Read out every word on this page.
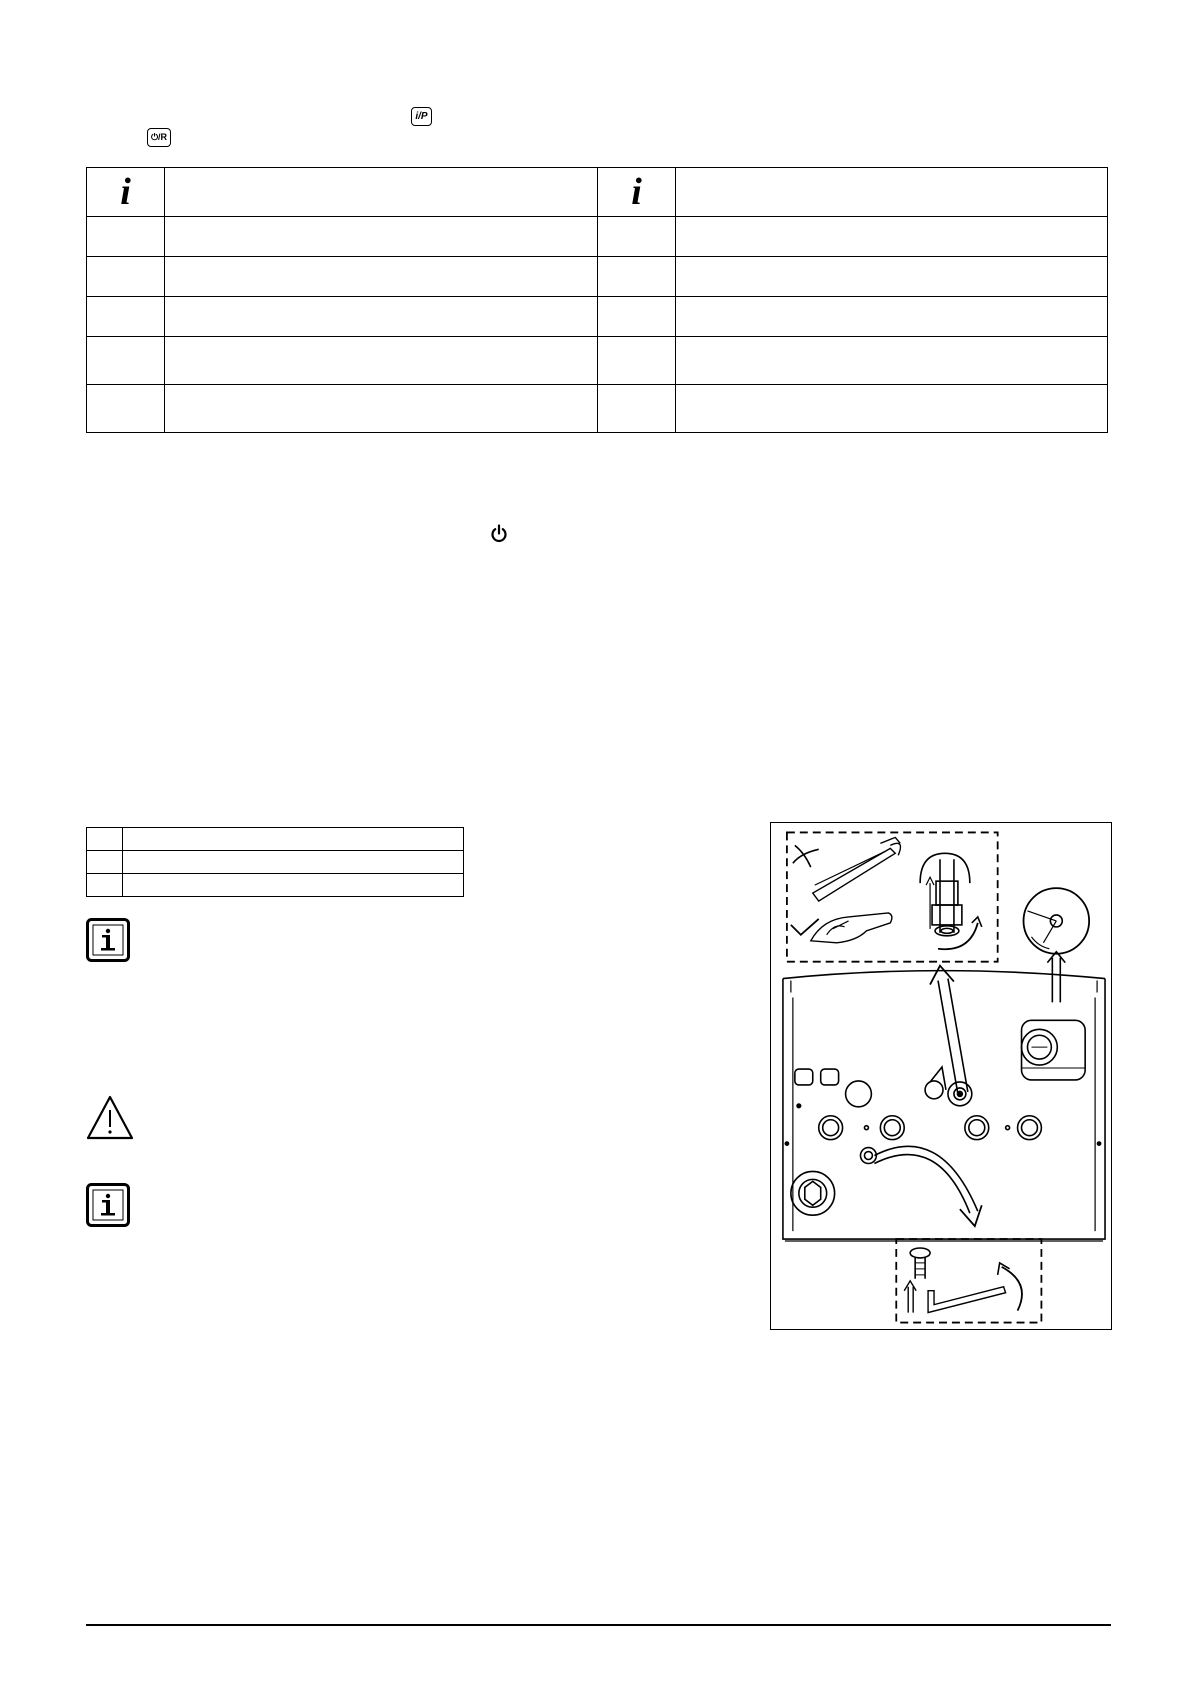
i/P
⏻/R
i		i	
